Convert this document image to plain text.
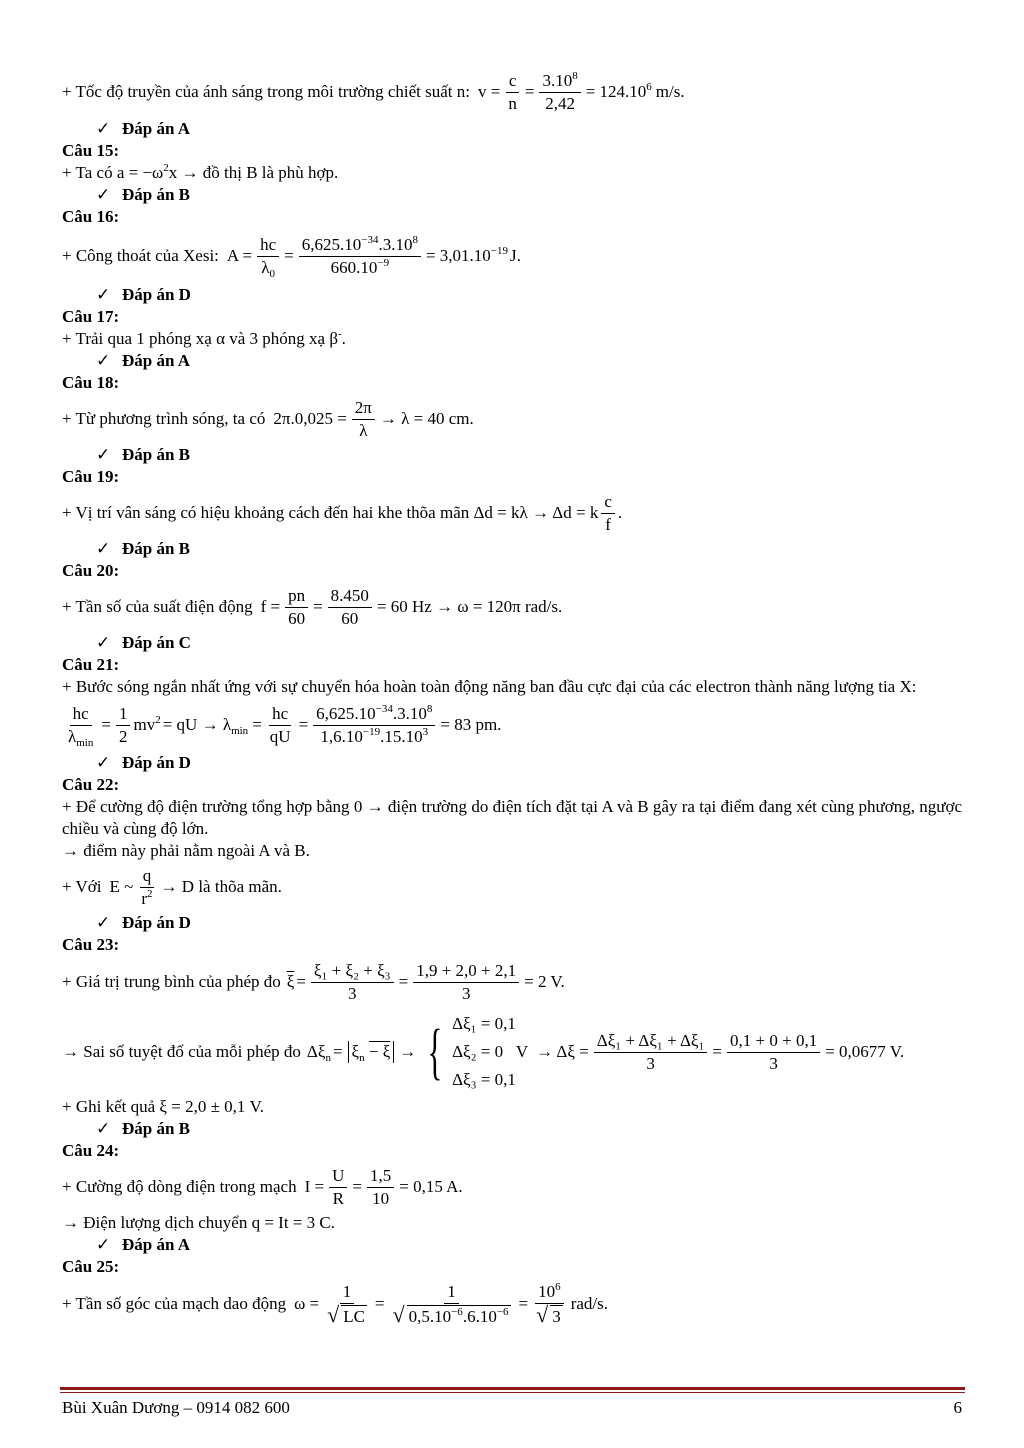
+ Tốc độ truyền của ánh sáng trong môi trường chiết suất n: $v = \frac{c}{n} = \frac{3.10^8}{2,42} = 124.10^6$ m/s.
✓ Đáp án A
Câu 15:
+ Ta có $a = -\omega^2x$ → đồ thị B là phù hợp.
✓ Đáp án B
Câu 16:
+ Công thoát của Xesi: $A = \frac{hc}{\lambda_0} = \frac{6,625.10^{-34}.3.10^8}{660.10^{-9}} = 3,01.10^{-19}$ J.
✓ Đáp án D
Câu 17:
+ Trải qua 1 phóng xạ α và 3 phóng xạ β-.
✓ Đáp án A
Câu 18:
+ Từ phương trình sóng, ta có $2\pi.0,025 = \frac{2\pi}{\lambda} \to \lambda = 40$ cm.
✓ Đáp án B
Câu 19:
+ Vị trí vân sáng có hiệu khoảng cách đến hai khe thõa mãn Δd = kλ → Δd = k $\frac{c}{f}$ .
✓ Đáp án B
Câu 20:
+ Tần số của suất điện động $f = \frac{pn}{60} = \frac{8.450}{60} = 60$ Hz → ω = 120π rad/s.
✓ Đáp án C
Câu 21:
+ Bước sóng ngắn nhất ứng với sự chuyển hóa hoàn toàn động năng ban đầu cực đại của các electron thành năng lượng tia X:
$\frac{hc}{\lambda_{min}} = \frac{1}{2} mv^2$ = qU → $\lambda_{min} = \frac{hc}{qU} = \frac{6,625.10^{-34}.3.10^8}{1,6.10^{-19}.15.10^3} = 83$ pm.
✓ Đáp án D
Câu 22:
+ Để cường độ điện trường tổng hợp bằng 0 → điện trường do điện tích đặt tại A và B gây ra tại điểm đang xét cùng phương, ngược chiều và cùng độ lớn.
→ điểm này phải nằm ngoài A và B.
+ Với E ~ $\frac{q}{r^2} \to D$ là thõa mãn.
✓ Đáp án D
Câu 23:
+ Giá trị trung bình của phép đo $\overline{\xi} = \frac{\text{ξ₁ + ξ₂ + ξ₃}}{3} = \frac{1,9 + 2,0 + 2,1}{3} = 2$ V.
→ Sai số tuyệt đố của mỗi phép đo $\Delta\xi_n = \xi_n - \xi$ → { Δξ₁ = 0,1
Δξ₂ = 0 V
Δξ₃ = 0,1
→ $\Delta\xi = \frac{\text{Δξ₁ + Δξ₁ + Δξ₁}}{3} = \frac{0,1 + 0 + 0,1}{3} = 0,0677$ V.
+ Ghi kết quả ξ = 2,0 ± 0,1 V.
✓ Đáp án B
Câu 24:
+ Cường độ dòng điện trong mạch $I = \frac{U}{R} = \frac{1,5}{10} = 0,15$ A.
→ Điện lượng dịch chuyển q = It = 3 C.
✓ Đáp án A
Câu 25:
+ Tần số góc của mạch dao động $\omega = \frac{1}{√ LC} = \frac{1}{√ 0,5.10^{-6}.6.10^{-6}} = \frac{10^6}{√ 3} rad/s$.
Bùi Xuân Dương – 0914 082 600	6
